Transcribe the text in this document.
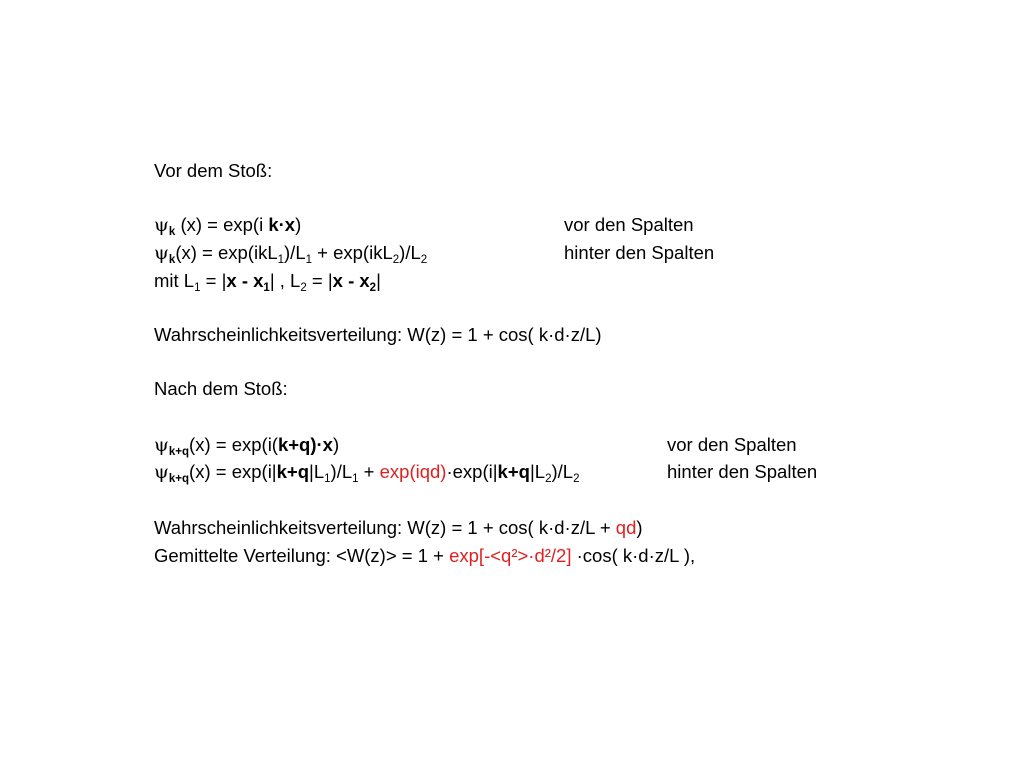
Vor dem Stoß:
$\psi_k$ (x) = exp(i k·x)	vor den Spalten
$\psi_k(x) = \exp(ikL_1)/L_1 + \exp(ikL_2)/L_2$	hinter den Spalten
mit $L_1 = |x - x_1|$ , $L_2 = |x - x_2|$
Wahrscheinlichkeitsverteilung: W(z) = 1 + cos( k·d·z/L)
Nach dem Stoß:
$\psi_{k+q}(x) = \exp(i(k+q)\cdot x)$	vor den Spalten
$\psi_{k+q}(x) = \exp(i|k+q|L_1)/L_1 + \exp(iqd)\cdot\exp(i|k+q|L_2)/L_2$	hinter den Spalten
Wahrscheinlichkeitsverteilung: W(z) = 1 + cos( k·d·z/L + qd)
Gemittelte Verteilung: <W(z)> = 1 + exp[-<q²>·d²/2] ·cos( k·d·z/L ),
